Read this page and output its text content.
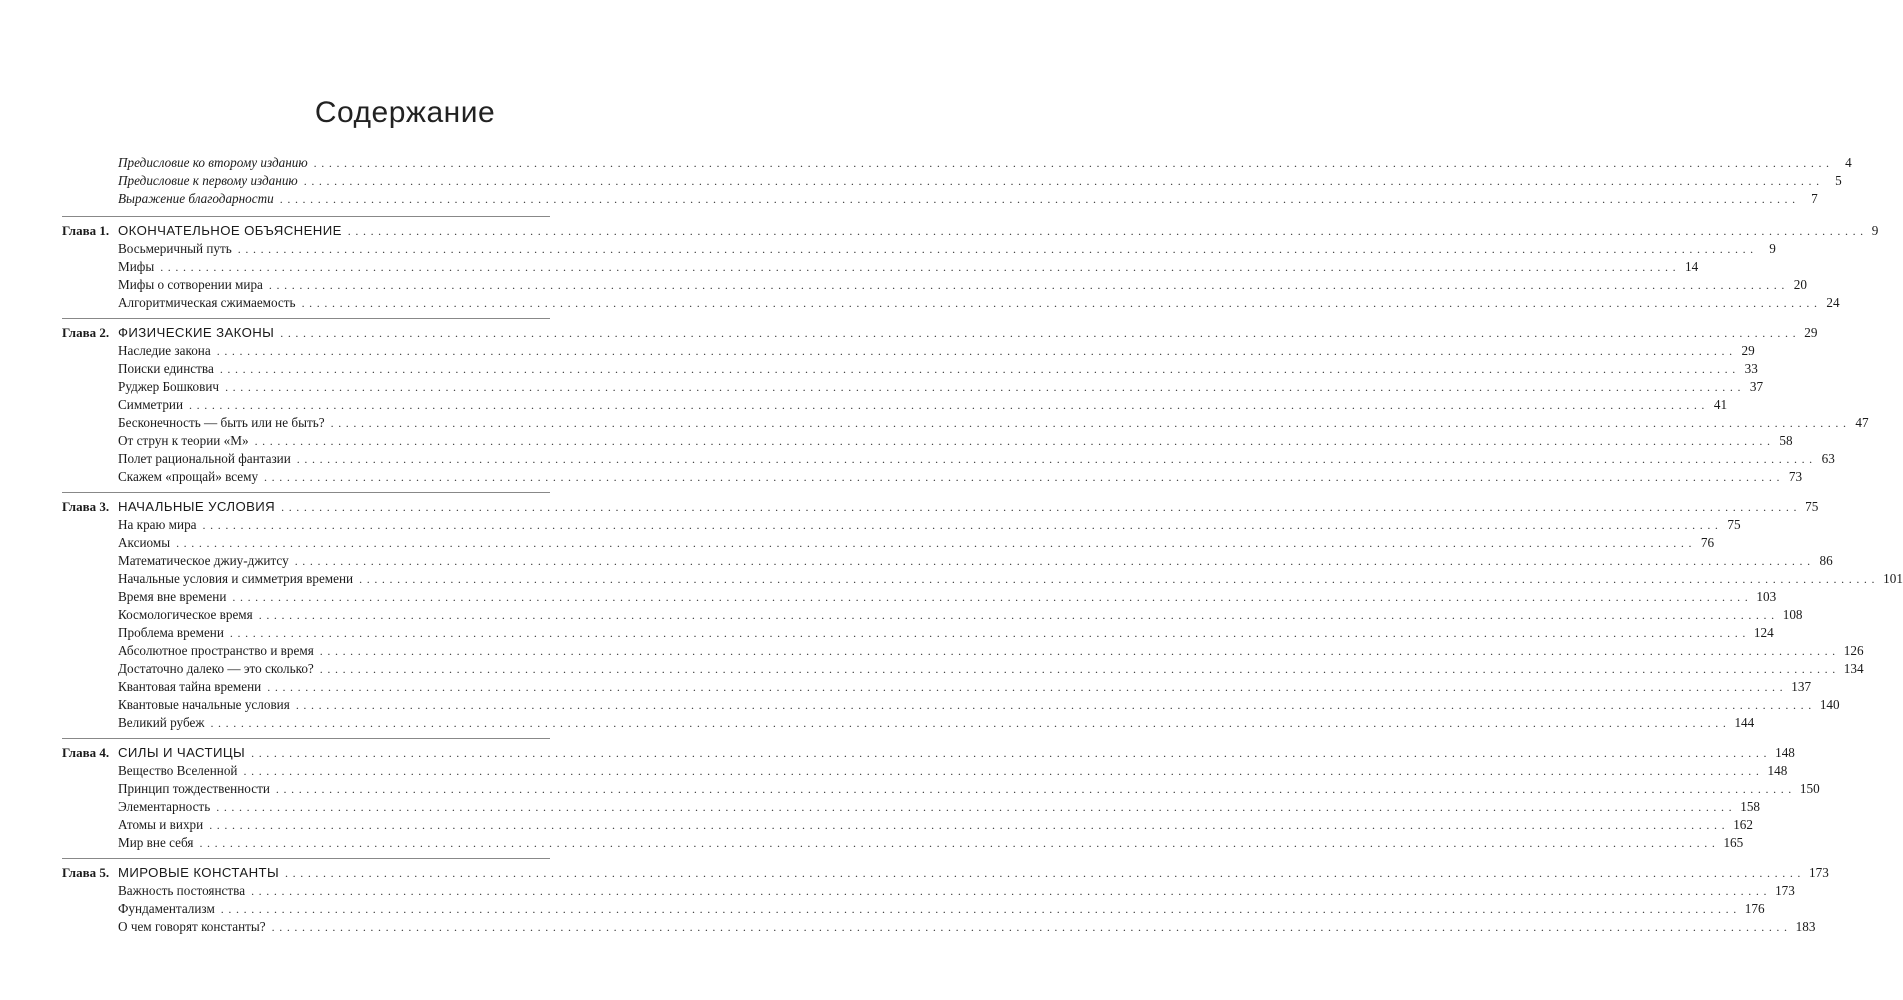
Содержание
Предисловие ко второму изданию ........................................................................................................................................................................................................ 4
Предисловие к первому изданию ........................................................................................................................................................................................................ 5
Выражение благодарности ........................................................................................................................................................................................................ 7
Глава 1. ОКОНЧАТЕЛЬНОЕ ОБЪЯСНЕНИЕ ........................................................................................................................................................................................................ 9
Восьмеричный путь ........................................................................................................................................................................................................ 9
Мифы ........................................................................................................................................................................................................ 14
Мифы о сотворении мира ........................................................................................................................................................................................................ 20
Алгоритмическая сжимаемость ........................................................................................................................................................................................................ 24
Глава 2. ФИЗИЧЕСКИЕ ЗАКОНЫ ........................................................................................................................................................................................................ 29
Наследие закона ........................................................................................................................................................................................................ 29
Поиски единства ........................................................................................................................................................................................................ 33
Руджер Бошкович ........................................................................................................................................................................................................ 37
Симметрии ........................................................................................................................................................................................................ 41
Бесконечность — быть или не быть? ........................................................................................................................................................................................................ 47
От струн к теории «М» ........................................................................................................................................................................................................ 58
Полет рациональной фантазии ........................................................................................................................................................................................................ 63
Скажем «прощай» всему ........................................................................................................................................................................................................ 73
Глава 3. НАЧАЛЬНЫЕ УСЛОВИЯ ........................................................................................................................................................................................................ 75
На краю мира ........................................................................................................................................................................................................ 75
Аксиомы ........................................................................................................................................................................................................ 76
Математическое джиу-джитсу ........................................................................................................................................................................................................ 86
Начальные условия и симметрия времени ........................................................................................................................................................................................................ 101
Время вне времени ........................................................................................................................................................................................................ 103
Космологическое время ........................................................................................................................................................................................................ 108
Проблема времени ........................................................................................................................................................................................................ 124
Абсолютное пространство и время ........................................................................................................................................................................................................ 126
Достаточно далеко — это сколько? ........................................................................................................................................................................................................ 134
Квантовая тайна времени ........................................................................................................................................................................................................ 137
Квантовые начальные условия ........................................................................................................................................................................................................ 140
Великий рубеж ........................................................................................................................................................................................................ 144
Глава 4. СИЛЫ И ЧАСТИЦЫ ........................................................................................................................................................................................................ 148
Вещество Вселенной ........................................................................................................................................................................................................ 148
Принцип тождественности ........................................................................................................................................................................................................ 150
Элементарность ........................................................................................................................................................................................................ 158
Атомы и вихри ........................................................................................................................................................................................................ 162
Мир вне себя ........................................................................................................................................................................................................ 165
Глава 5. МИРОВЫЕ КОНСТАНТЫ ........................................................................................................................................................................................................ 173
Важность постоянства ........................................................................................................................................................................................................ 173
Фундаментализм ........................................................................................................................................................................................................ 176
О чем говорят константы? ........................................................................................................................................................................................................ 183
